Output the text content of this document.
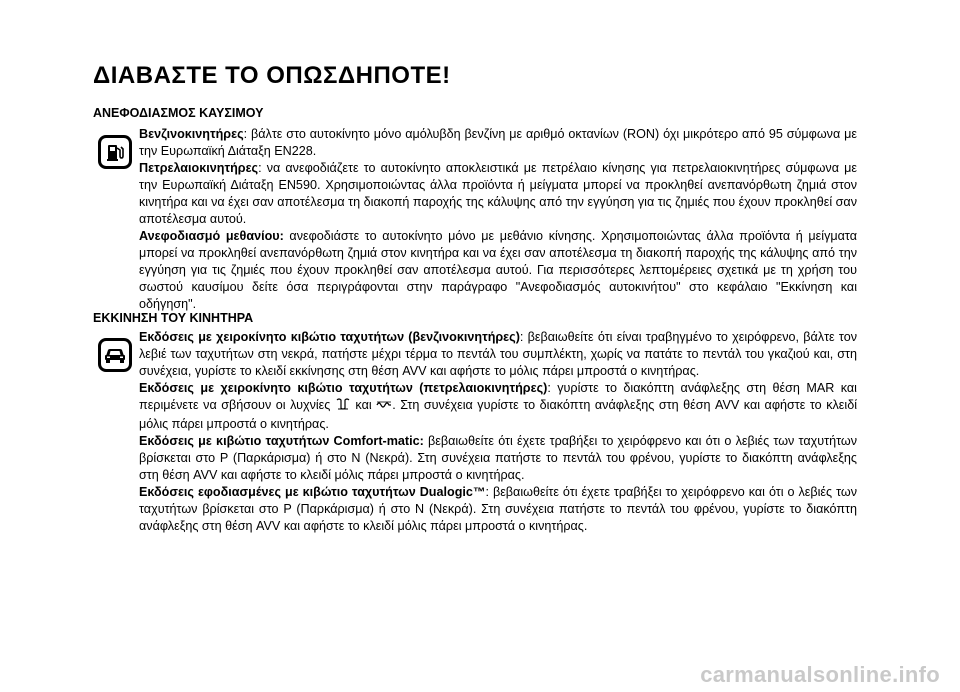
ΔΙΑΒΑΣΤΕ ΤΟ ΟΠΩΣΔΗΠΟΤΕ!
ΑΝΕΦΟΔΙΑΣΜΟΣ ΚΑΥΣΙΜΟΥ

Βενζινοκινητήρες: βάλτε στο αυτοκίνητο μόνο αμόλυβδη βενζίνη με αριθμό οκτανίων (RON) όχι μικρότερο από 95 σύμφωνα με την Ευρωπαϊκή Διάταξη EN228.

Πετρελαιοκινητήρες: να ανεφοδιάζετε το αυτοκίνητο αποκλειστικά με πετρέλαιο κίνησης για πετρελαιοκινητήρες σύμφωνα με την Ευρωπαϊκή Διάταξη EN590. Χρησιμοποιώντας άλλα προϊόντα ή μείγματα μπορεί να προκληθεί ανεπανόρθωτη ζημιά στον κινητήρα και να έχει σαν αποτέλεσμα τη διακοπή παροχής της κάλυψης από την εγγύηση για τις ζημιές που έχουν προκληθεί σαν αποτέλεσμα αυτού.

Ανεφοδιασμό μεθανίου: ανεφοδιάστε το αυτοκίνητο μόνο με μεθάνιο κίνησης. Χρησιμοποιώντας άλλα προϊόντα ή μείγματα μπορεί να προκληθεί ανεπανόρθωτη ζημιά στον κινητήρα και να έχει σαν αποτέλεσμα τη διακοπή παροχής της κάλυψης από την εγγύηση για τις ζημιές που έχουν προκληθεί σαν αποτέλεσμα αυτού. Για περισσότερες λεπτομέρειες σχετικά με τη χρήση του σωστού καυσίμου δείτε όσα περιγράφονται στην παράγραφο "Ανεφοδιασμός αυτοκινήτου" στο κεφάλαιο "Εκκίνηση και οδήγηση".

ΕΚΚΙΝΗΣΗ ΤΟΥ ΚΙΝΗΤΗΡΑ

Εκδόσεις με χειροκίνητο κιβώτιο ταχυτήτων (βενζινοκινητήρες): βεβαιωθείτε ότι είναι τραβηγμένο το χειρόφρενο, βάλτε τον λεβιέ των ταχυτήτων στη νεκρά, πατήστε μέχρι τέρμα το πεντάλ του συμπλέκτη, χωρίς να πατάτε το πεντάλ του γκαζιού και, στη συνέχεια, γυρίστε το κλειδί εκκίνησης στη θέση AVV και αφήστε το μόλις πάρει μπροστά ο κινητήρας.

Εκδόσεις με χειροκίνητο κιβώτιο ταχυτήτων (πετρελαιοκινητήρες): γυρίστε το διακόπτη ανάφλεξης στη θέση MAR και περιμένετε να σβήσουν οι λυχνίες και . Στη συνέχεια γυρίστε το διακόπτη ανάφλεξης στη θέση AVV και αφήστε το κλειδί μόλις πάρει μπροστά ο κινητήρας.

Εκδόσεις με κιβώτιο ταχυτήτων Comfort-matic: βεβαιωθείτε ότι έχετε τραβήξει το χειρόφρενο και ότι ο λεβιές των ταχυτήτων βρίσκεται στο P (Παρκάρισμα) ή στο N (Νεκρά). Στη συνέχεια πατήστε το πεντάλ του φρένου, γυρίστε το διακόπτη ανάφλεξης στη θέση AVV και αφήστε το κλειδί μόλις πάρει μπροστά ο κινητήρας.

Εκδόσεις εφοδιασμένες με κιβώτιο ταχυτήτων Dualogic™: βεβαιωθείτε ότι έχετε τραβήξει το χειρόφρενο και ότι ο λεβιές των ταχυτήτων βρίσκεται στο P (Παρκάρισμα) ή στο N (Νεκρά). Στη συνέχεια πατήστε το πεντάλ του φρένου, γυρίστε το διακόπτη ανάφλεξης στη θέση AVV και αφήστε το κλειδί μόλις πάρει μπροστά ο κινητήρας.

carmanualsonline.info
